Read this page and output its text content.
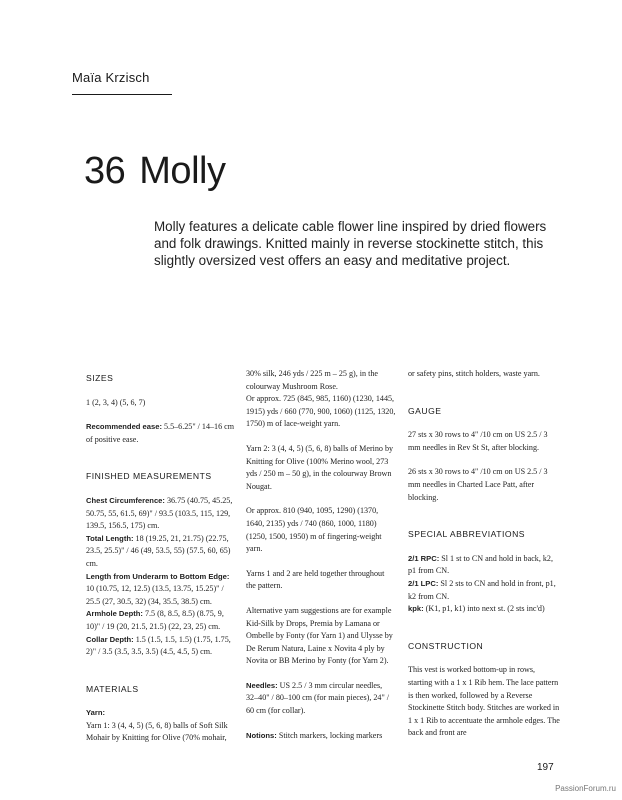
Maïa Krzisch
36 Molly
Molly features a delicate cable flower line inspired by dried flowers and folk drawings. Knitted mainly in reverse stockinette stitch, this slightly oversized vest offers an easy and meditative project.
SIZES

1 (2, 3, 4) (5, 6, 7)

Recommended ease: 5.5–6.25" / 14–16 cm of positive ease.

FINISHED MEASUREMENTS
Chest Circumference: 36.75 (40.75, 45.25, 50.75, 55, 61.5, 69)" / 93.5 (103.5, 115, 129, 139.5, 156.5, 175) cm.
Total Length: 18 (19.25, 21, 21.75) (22.75, 23.5, 25.5)" / 46 (49, 53.5, 55) (57.5, 60, 65) cm.
Length from Underarm to Bottom Edge: 10 (10.75, 12, 12.5) (13.5, 13.75, 15.25)" / 25.5 (27, 30.5, 32) (34, 35.5, 38.5) cm.
Armhole Depth: 7.5 (8, 8.5, 8.5) (8.75, 9, 10)" / 19 (20, 21.5, 21.5) (22, 23, 25) cm.
Collar Depth: 1.5 (1.5, 1.5, 1.5) (1.75, 1.75, 2)" / 3.5 (3.5, 3.5, 3.5) (4.5, 4.5, 5) cm.
MATERIALS
Yarn:
Yarn 1: 3 (4, 4, 5) (5, 6, 8) balls of Soft Silk Mohair by Knitting for Olive (70% mohair,
30% silk, 246 yds / 225 m – 25 g), in the colourway Mushroom Rose.

Or approx. 725 (845, 985, 1160) (1230, 1445, 1915) yds / 660 (770, 900, 1060) (1125, 1320, 1750) m of lace-weight yarn.

Yarn 2: 3 (4, 4, 5) (5, 6, 8) balls of Merino by Knitting for Olive (100% Merino wool, 273 yds / 250 m – 50 g), in the colourway Brown Nougat.

Or approx. 810 (940, 1095, 1290) (1370, 1640, 2135) yds / 740 (860, 1000, 1180) (1250, 1500, 1950) m of fingering-weight yarn.

Yarns 1 and 2 are held together throughout the pattern.

Alternative yarn suggestions are for example Kid-Silk by Drops, Premia by Lamana or Ombelle by Fonty (for Yarn 1) and Ulysse by De Rerum Natura, Laine x Novita 4 ply by Novita or BB Merino by Fonty (for Yarn 2).

Needles: US 2.5 / 3 mm circular needles, 32–40" / 80–100 cm (for main pieces), 24" / 60 cm (for collar).

Notions: Stitch markers, locking markers

or safety pins, stitch holders, waste yarn.

GAUGE

27 sts x 30 rows to 4" /10 cm on US 2.5 / 3 mm needles in Rev St St, after blocking.

26 sts x 30 rows to 4" /10 cm on US 2.5 / 3 mm needles in Charted Lace Patt, after blocking.

SPECIAL ABBREVIATIONS
2/1 RPC: Sl 1 st to CN and hold in back, k2, p1 from CN.
2/1 LPC: Sl 2 sts to CN and hold in front, p1, k2 from CN.
kpk: (K1, p1, k1) into next st. (2 sts inc'd)
CONSTRUCTION

This vest is worked bottom-up in rows, starting with a 1 x 1 Rib hem. The lace pattern is then worked, followed by a Reverse Stockinette Stitch body. Stitches are worked in 1 x 1 Rib to accentuate the armhole edges. The back and front are

197
PassionForum.ru
